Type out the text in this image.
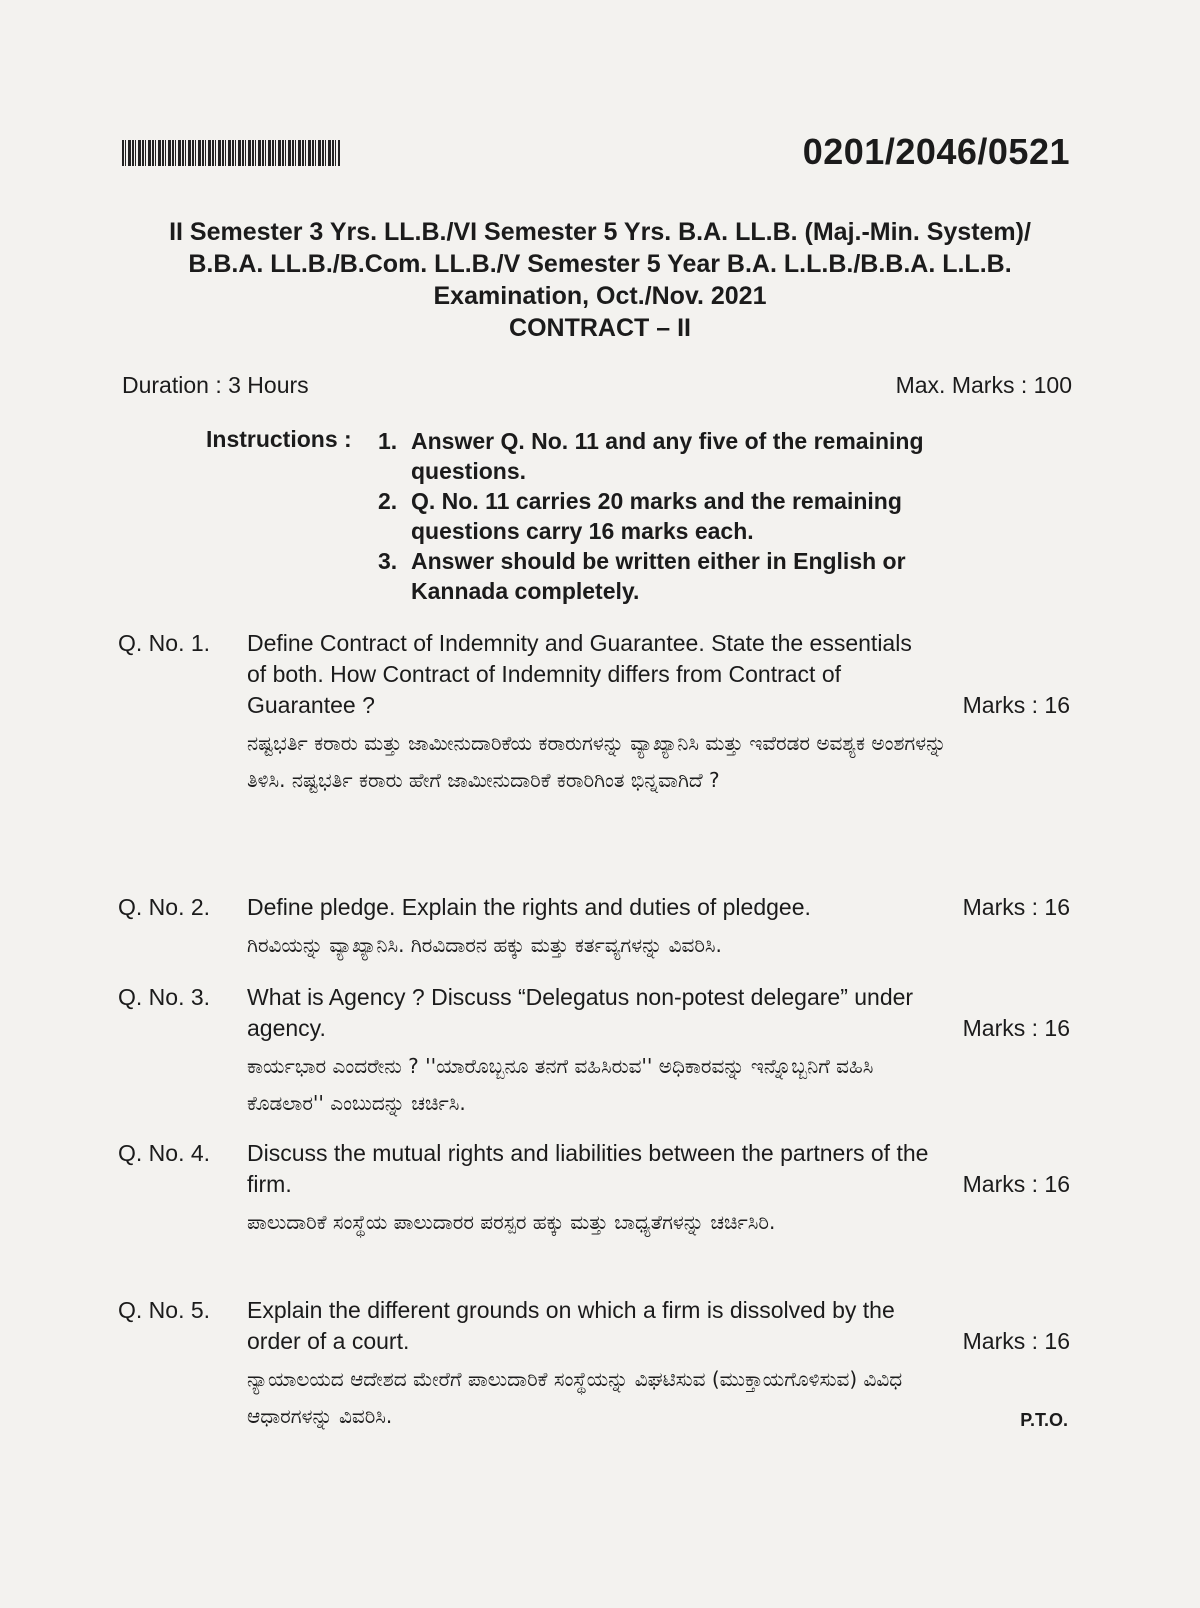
0201/2046/0521
II Semester 3 Yrs. LL.B./VI Semester 5 Yrs. B.A. LL.B. (Maj.-Min. System)/
B.B.A. LL.B./B.Com. LL.B./V Semester 5 Year B.A. L.L.B./B.B.A. L.L.B.
Examination, Oct./Nov. 2021
CONTRACT – II
Duration : 3 Hours	Max. Marks : 100
Instructions : 1. Answer Q. No. 11 and any five of the remaining questions.
2. Q. No. 11 carries 20 marks and the remaining questions carry 16 marks each.
3. Answer should be written either in English or Kannada completely.
Q. No. 1. Define Contract of Indemnity and Guarantee. State the essentials of both. How Contract of Indemnity differs from Contract of Guarantee ?	Marks : 16
ನಷ್ಟಭರ್ತಿ ಕರಾರು ಮತ್ತು ಜಾಮೀನುದಾರಿಕೆಯ ಕರಾರುಗಳನ್ನು ವ್ಯಾಖ್ಯಾನಿಸಿ ಮತ್ತು ಇವೆರಡರ ಅವಶ್ಯಕ ಅಂಶಗಳನ್ನು ತಿಳಿಸಿ. ನಷ್ಟಭರ್ತಿ ಕರಾರು ಹೇಗೆ ಜಾಮೀನುದಾರಿಕೆ ಕರಾರಿಗಿಂತ ಭಿನ್ನವಾಗಿದೆ ?
Q. No. 2. Define pledge. Explain the rights and duties of pledgee.	Marks : 16
ಗಿರವಿಯನ್ನು ವ್ಯಾಖ್ಯಾನಿಸಿ. ಗಿರವಿದಾರನ ಹಕ್ಕು ಮತ್ತು ಕರ್ತವ್ಯಗಳನ್ನು ವಿವರಿಸಿ.
Q. No. 3. What is Agency ? Discuss “Delegatus non-potest delegare” under agency.	Marks : 16
ಕಾರ್ಯಭಾರ ಎಂದರೇನು ? ''ಯಾರೊಬ್ಬನೂ ತನಗೆ ವಹಿಸಿರುವ'' ಅಧಿಕಾರವನ್ನು ಇನ್ನೊಬ್ಬನಿಗೆ ವಹಿಸಿ ಕೊಡಲಾರ'' ಎಂಬುದನ್ನು ಚರ್ಚಿಸಿ.
Q. No. 4. Discuss the mutual rights and liabilities between the partners of the firm.	Marks : 16
ಪಾಲುದಾರಿಕೆ ಸಂಸ್ಥೆಯ ಪಾಲುದಾರರ ಪರಸ್ಪರ ಹಕ್ಕು ಮತ್ತು ಬಾಧ್ಯತೆಗಳನ್ನು ಚರ್ಚಿಸಿರಿ.
Q. No. 5. Explain the different grounds on which a firm is dissolved by the order of a court.	Marks : 16
ನ್ಯಾಯಾಲಯದ ಆದೇಶದ ಮೇರೆಗೆ ಪಾಲುದಾರಿಕೆ ಸಂಸ್ಥೆಯನ್ನು ವಿಘಟಿಸುವ (ಮುಕ್ತಾಯಗೊಳಿಸುವ) ವಿವಿಧ ಆಧಾರಗಳನ್ನು ವಿವರಿಸಿ.	P.T.O.
